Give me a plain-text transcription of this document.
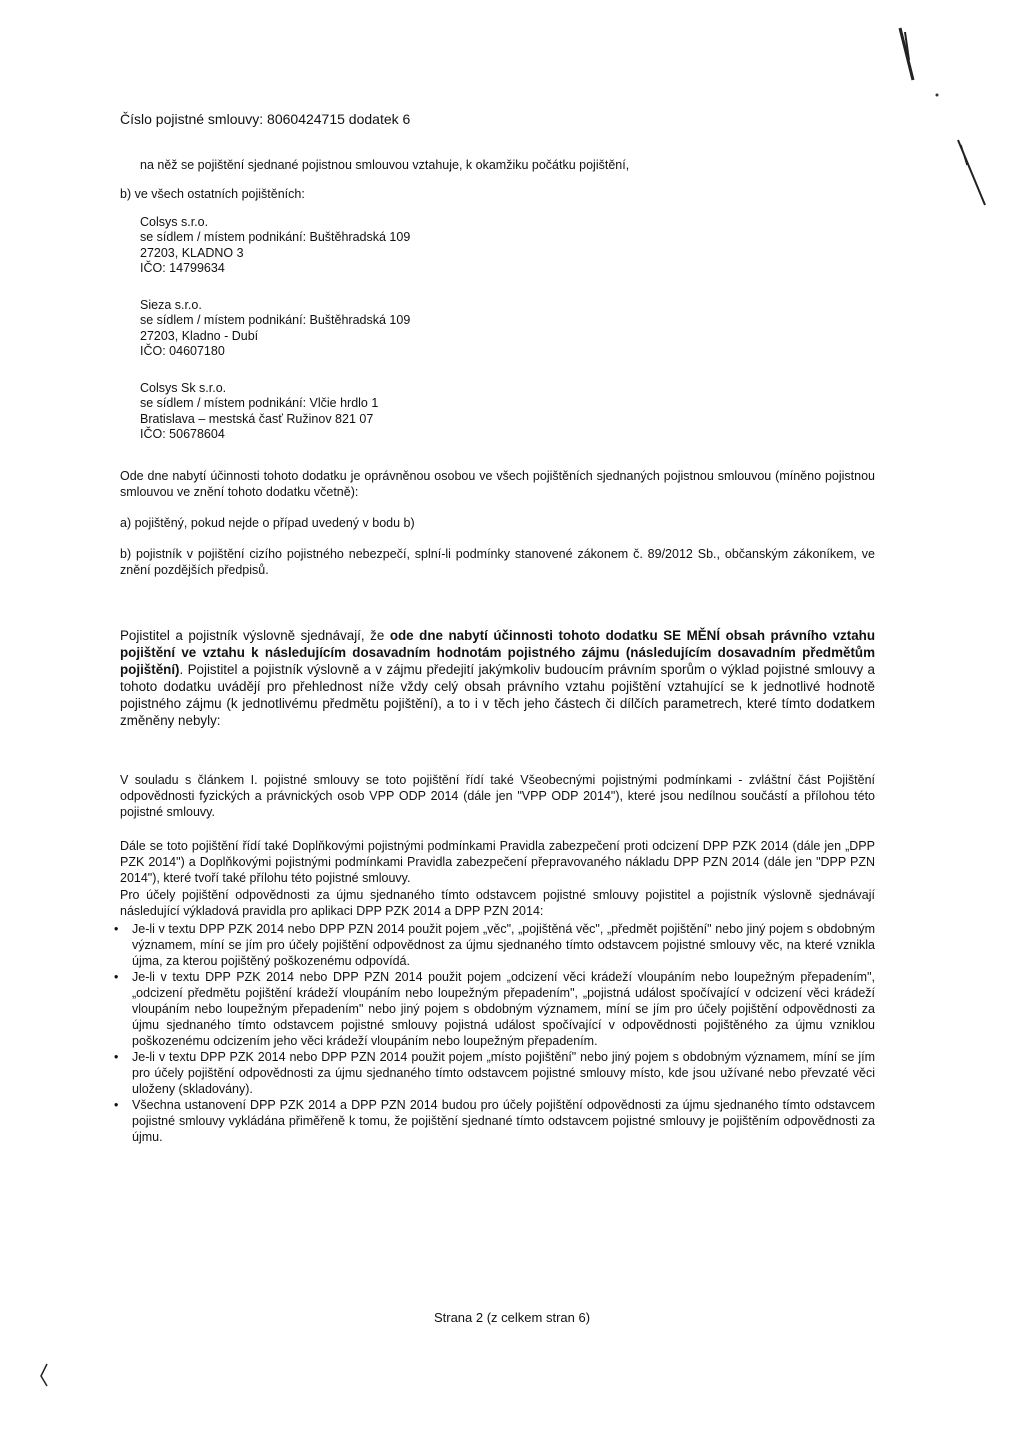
Číslo pojistné smlouvy: 8060424715 dodatek 6
na něž se pojištění sjednané pojistnou smlouvou vztahuje, k okamžiku počátku pojištění,
b) ve všech ostatních pojištěních:
Colsys s.r.o.
se sídlem / místem podnikání: Buštěhradská 109
27203, KLADNO 3
IČO: 14799634
Sieza s.r.o.
se sídlem / místem podnikání: Buštěhradská 109
27203, Kladno - Dubí
IČO: 04607180
Colsys Sk s.r.o.
se sídlem / místem podnikání: Vlčie hrdlo 1
Bratislava – mestská časť Ružinov 821 07
IČO: 50678604
Ode dne nabytí účinnosti tohoto dodatku je oprávněnou osobou ve všech pojištěních sjednaných pojistnou smlouvou (míněno pojistnou smlouvou ve znění tohoto dodatku včetně):
a) pojištěný, pokud nejde o případ uvedený v bodu b)
b) pojistník v pojištění cizího pojistného nebezpečí, splní-li podmínky stanovené zákonem č. 89/2012 Sb., občanským zákoníkem, ve znění pozdějších předpisů.
Pojistitel a pojistník výslovně sjednávají, že ode dne nabytí účinnosti tohoto dodatku SE MĚNÍ obsah právního vztahu pojištění ve vztahu k následujícím dosavadním hodnotám pojistného zájmu (následujícím dosavadním předmětům pojištění). Pojistitel a pojistník výslovně a v zájmu předejití jakýmkoliv budoucím právním sporům o výklad pojistné smlouvy a tohoto dodatku uvádějí pro přehlednost níže vždy celý obsah právního vztahu pojištění vztahující se k jednotlivé hodnotě pojistného zájmu (k jednotlivému předmětu pojištění), a to i v těch jeho částech či dílčích parametrech, které tímto dodatkem změněny nebyly:
V souladu s článkem I. pojistné smlouvy se toto pojištění řídí také Všeobecnými pojistnými podmínkami - zvláštní část Pojištění odpovědnosti fyzických a právnických osob VPP ODP 2014 (dále jen "VPP ODP 2014"), které jsou nedílnou součástí a přílohou této pojistné smlouvy.
Dále se toto pojištění řídí také Doplňkovými pojistnými podmínkami Pravidla zabezpečení proti odcizení DPP PZK 2014 (dále jen „DPP PZK 2014") a Doplňkovými pojistnými podmínkami Pravidla zabezpečení přepravovaného nákladu DPP PZN 2014 (dále jen "DPP PZN 2014"), které tvoří také přílohu této pojistné smlouvy.
Pro účely pojištění odpovědnosti za újmu sjednaného tímto odstavcem pojistné smlouvy pojistitel a pojistník výslovně sjednávají následující výkladová pravidla pro aplikaci DPP PZK 2014 a DPP PZN 2014:
• Je-li v textu DPP PZK 2014 nebo DPP PZN 2014 použit pojem „věc", „pojištěná věc", „předmět pojištění" nebo jiný pojem s obdobným významem, míní se jím pro účely pojištění odpovědnost za újmu sjednaného tímto odstavcem pojistné smlouvy věc, na které vznikla újma, za kterou pojištěný poškozenému odpovídá.
• Je-li v textu DPP PZK 2014 nebo DPP PZN 2014 použit pojem „odcizení věci krádeží vloupáním nebo loupežným přepadením", „odcizení předmětu pojištění krádeží vloupáním nebo loupežným přepadením", „pojistná událost spočívající v odcizení věci krádeží vloupáním nebo loupežným přepadením" nebo jiný pojem s obdobným významem, míní se jím pro účely pojištění odpovědnosti za újmu sjednaného tímto odstavcem pojistné smlouvy pojistná událost spočívající v odpovědnosti pojištěného za újmu vzniklou poškozenému odcizením jeho věci krádeží vloupáním nebo loupežným přepadením.
• Je-li v textu DPP PZK 2014 nebo DPP PZN 2014 použit pojem „místo pojištění" nebo jiný pojem s obdobným významem, míní se jím pro účely pojištění odpovědnosti za újmu sjednaného tímto odstavcem pojistné smlouvy místo, kde jsou užívané nebo převzaté věci uloženy (skladovány).
• Všechna ustanovení DPP PZK 2014 a DPP PZN 2014 budou pro účely pojištění odpovědnosti za újmu sjednaného tímto odstavcem pojistné smlouvy vykládána přiměřeně k tomu, že pojištění sjednané tímto odstavcem pojistné smlouvy je pojištěním odpovědnosti za újmu.
Strana 2 (z celkem stran 6)
